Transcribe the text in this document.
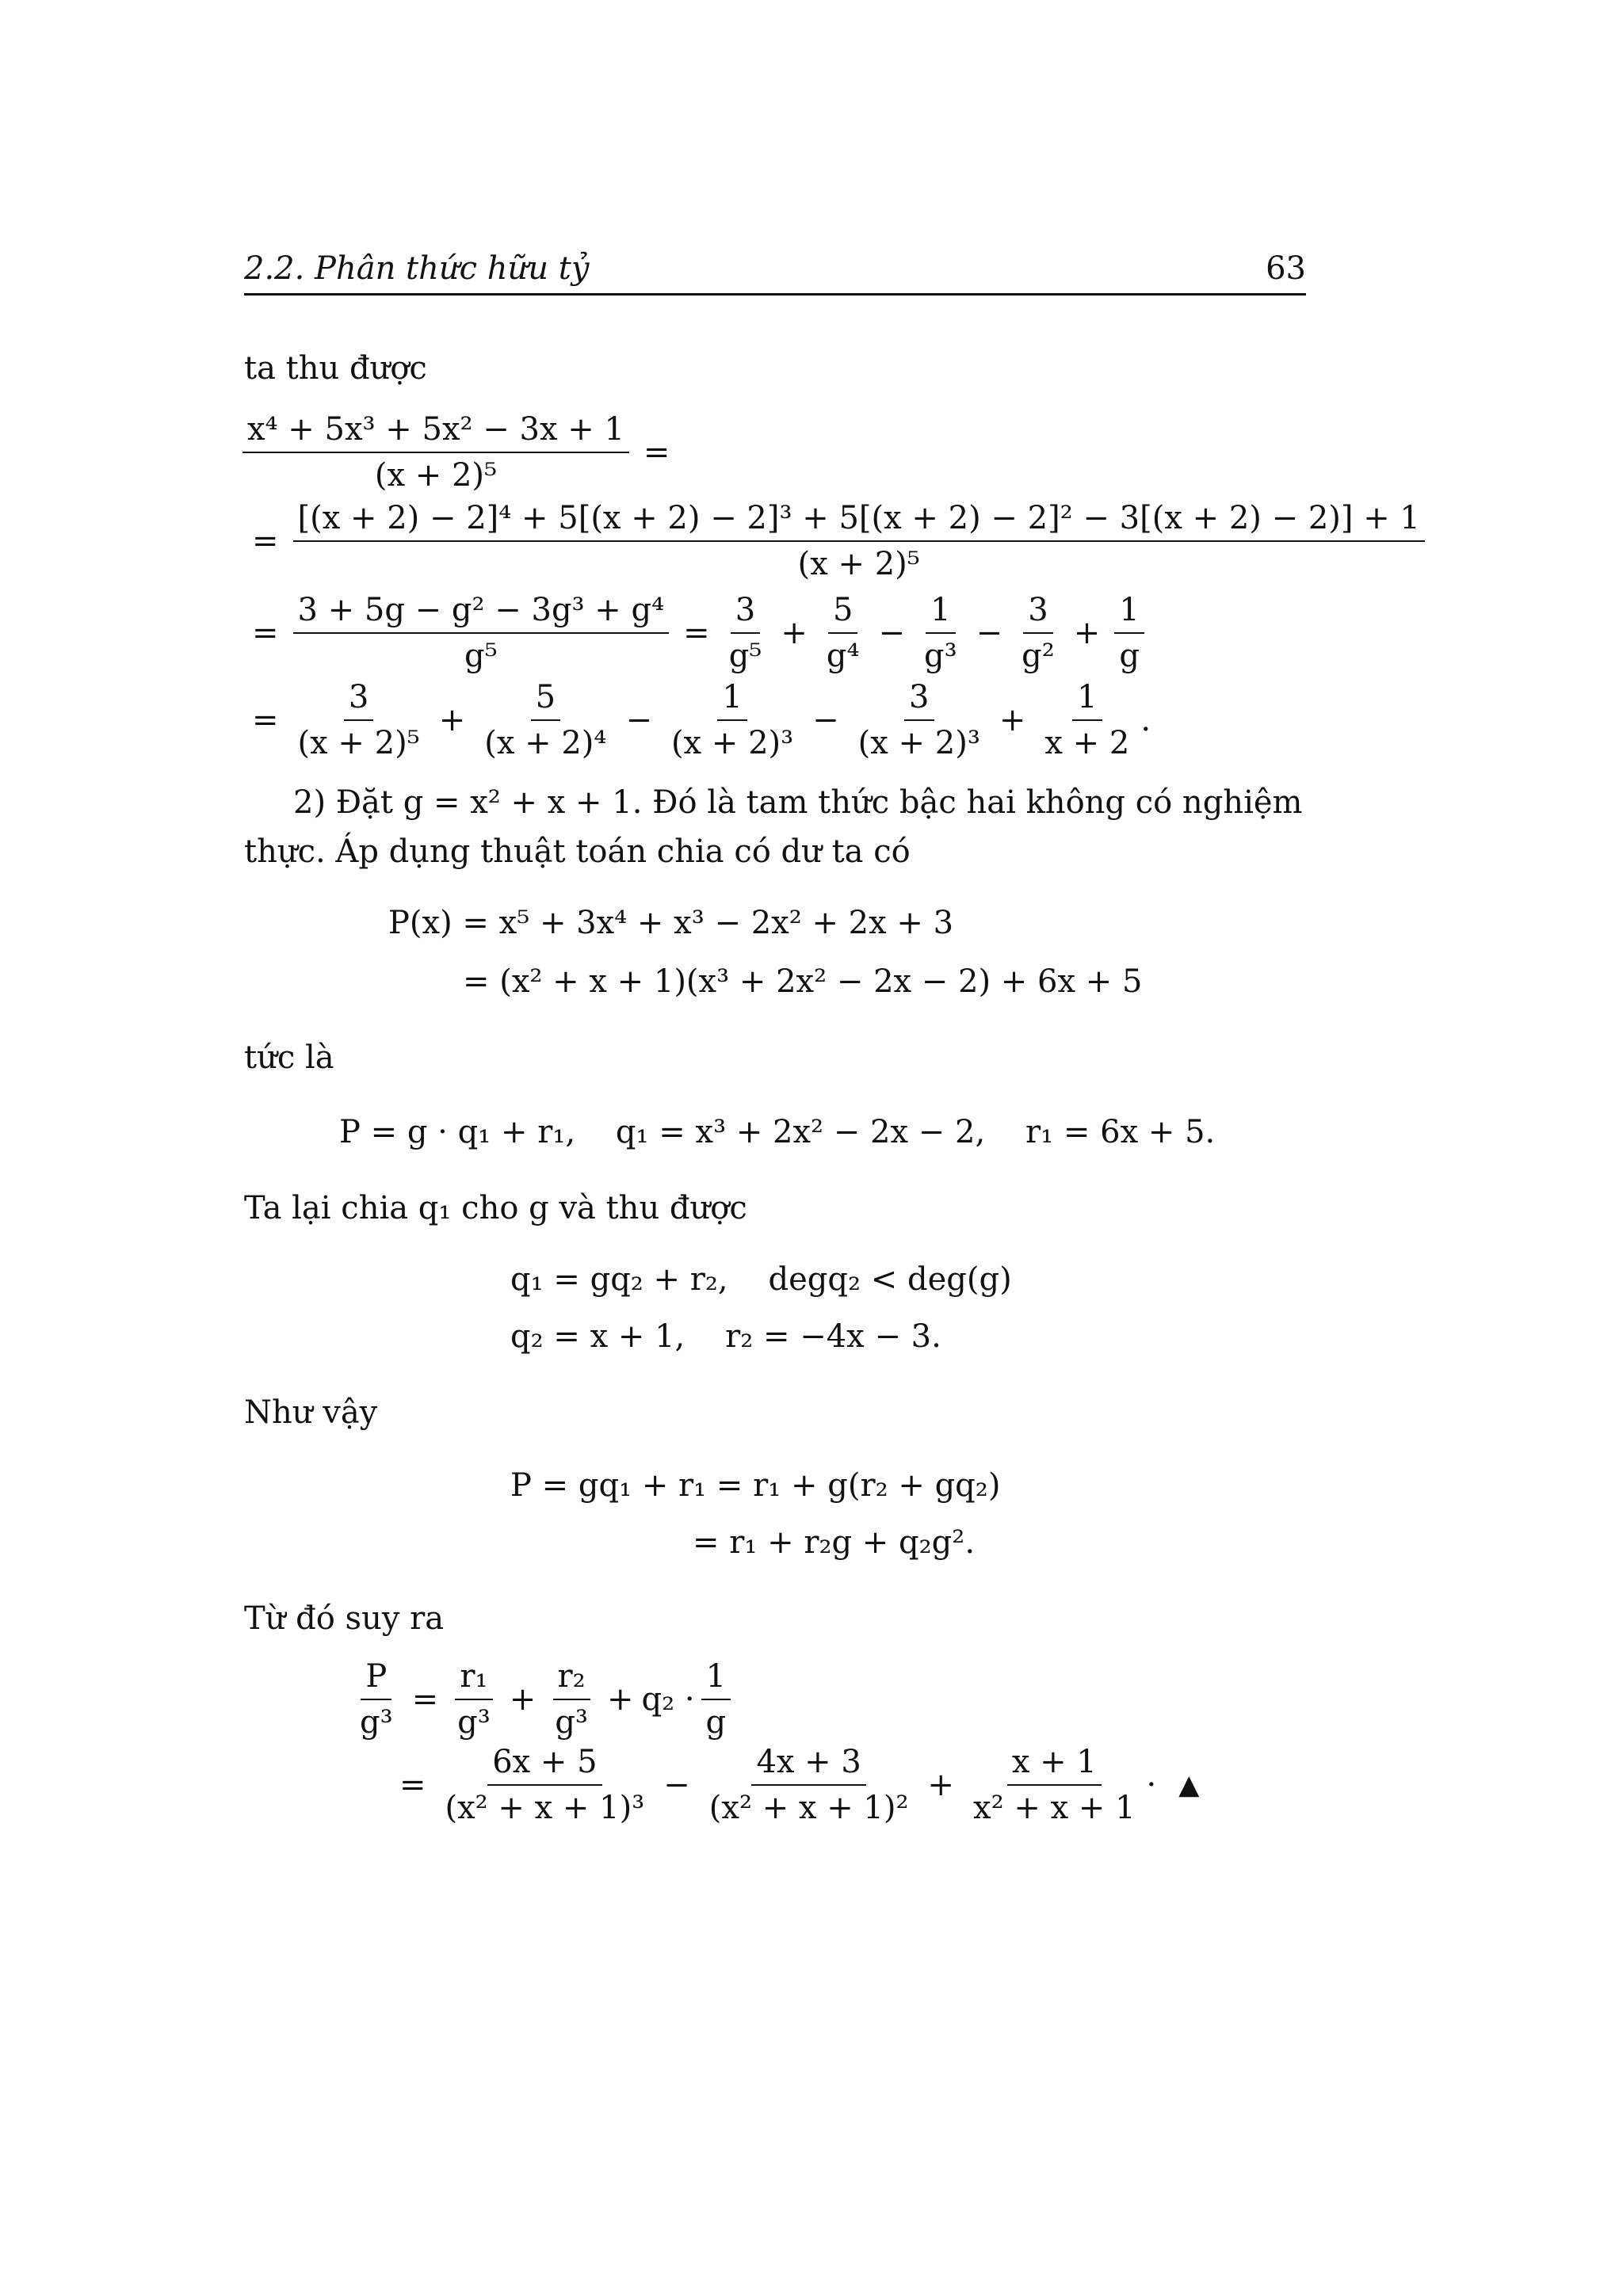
2.2. Phân thức hữu tỷ	63
ta thu được
$\frac{\text{x⁴ + 5x³ + 5x² − 3x + 1}}{\text{(x + 2)⁵}}$ =
=
[(x + 2) − 2]⁴ + 5[(x + 2) − 2]³ + 5[(x + 2) − 2]² − 3[(x + 2) − 2)] + 1
(x + 2)⁵
= $\frac{\text{3 + 5g − g² − 3g³ + g⁴}}{\text{g⁵}} = \frac{3}{\text{g⁵}} + \frac{5}{\text{g⁴}} - \frac{1}{\text{g³}} - \frac{3}{\text{g²}} + \frac{1}{g}$
= $\frac{3}{\text{(x + 2)⁵}} + \frac{5}{\text{(x + 2)⁴}} - \frac{1}{\text{(x + 2)³}} - \frac{3}{\text{(x + 2)³}} + \frac{1}{x + 2}$ .
2) Đặt g = x² + x + 1. Đó là tam thức bậc hai không có nghiệm
thực. Áp dụng thuật toán chia có dư ta có
P(x) = x⁵ + 3x⁴ + x³ − 2x² + 2x + 3
= (x² + x + 1)(x³ + 2x² − 2x − 2) + 6x + 5
tức là
P = g · q₁ + r₁,    q₁ = x³ + 2x² − 2x − 2,    r₁ = 6x + 5.
Ta lại chia q₁ cho g và thu được
q₁ = gq₂ + r₂,    degq₂ < deg(g)
q₂ = x + 1,    r₂ = −4x − 3.
Như vậy
P = gq₁ + r₁ = r₁ + g(r₂ + gq₂)
= r₁ + r₂g + q₂g².
Từ đó suy ra
$\frac{P}{\text{g³}} = \frac{\text{r₁}}{\text{g³}} + \frac{\text{r₂}}{\text{g³}} + q_2 \cdot \frac{1}{g}$
= $\frac{6x + 5}{\text{(x² + x + 1)³}} - \frac{4x + 3}{\text{(x² + x + 1)²}} + \frac{x + 1}{\text{x² + x + 1}}$ · ▲
